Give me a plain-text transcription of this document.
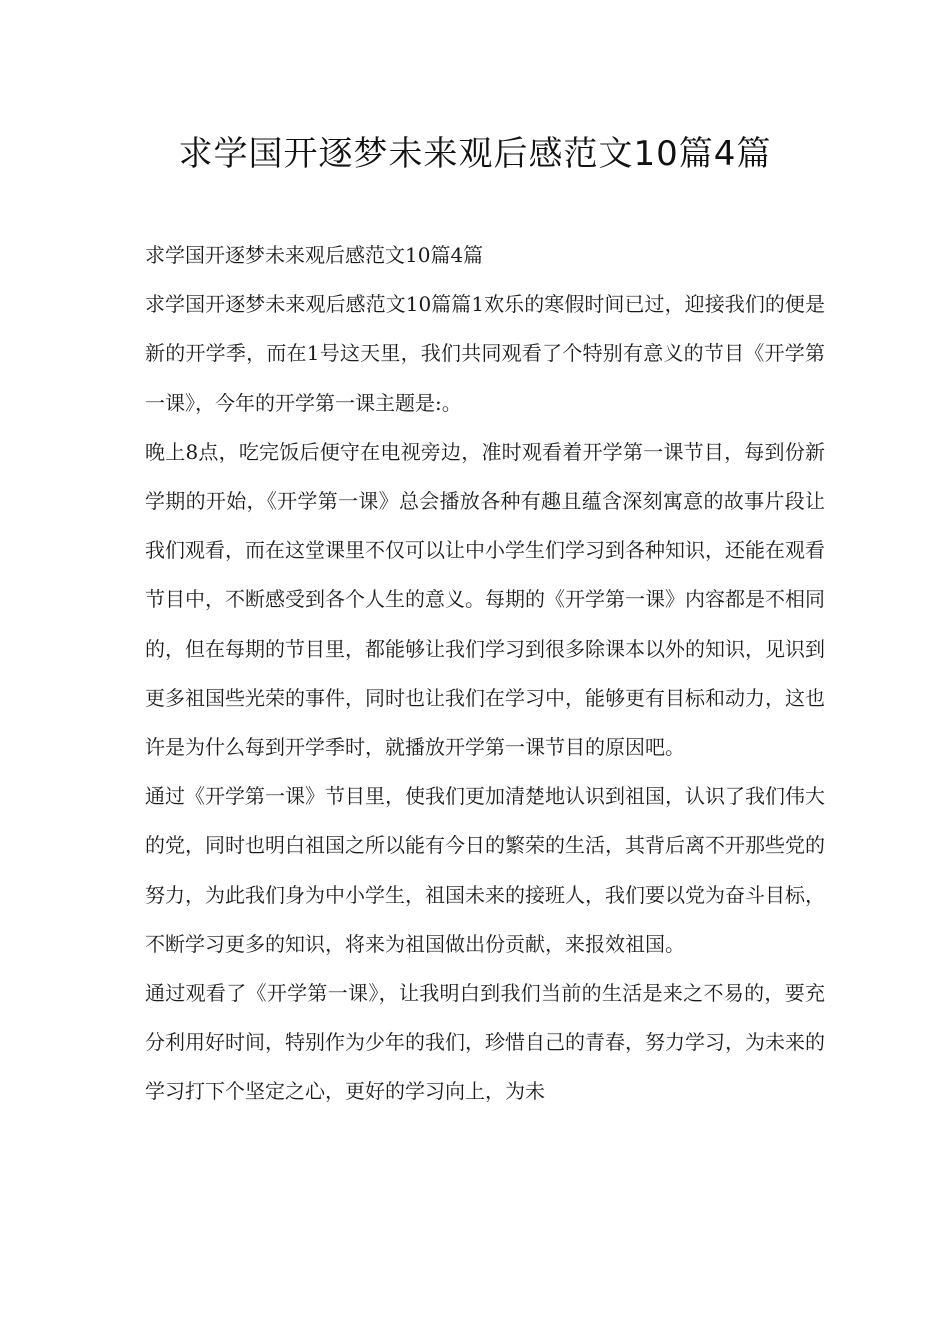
求学国开逐梦未来观后感范文10篇4篇

求学国开逐梦未来观后感范文10篇4篇

求学国开逐梦未来观后感范文10篇篇1欢乐的寒假时间已过，迎接我们的便是新的开学季，而在1号这天里，我们共同观看了个特别有意义的节目《开学第一课》，今年的开学第一课主题是:。

晚上8点，吃完饭后便守在电视旁边，准时观看着开学第一课节目，每到份新学期的开始，《开学第一课》总会播放各种有趣且蕴含深刻寓意的故事片段让我们观看，而在这堂课里不仅可以让中小学生们学习到各种知识，还能在观看节目中，不断感受到各个人生的意义。每期的《开学第一课》内容都是不相同的，但在每期的节目里，都能够让我们学习到很多除课本以外的知识，见识到更多祖国些光荣的事件，同时也让我们在学习中，能够更有目标和动力，这也许是为什么每到开学季时，就播放开学第一课节目的原因吧。

通过《开学第一课》节目里，使我们更加清楚地认识到祖国，认识了我们伟大的党，同时也明白祖国之所以能有今日的繁荣的生活，其背后离不开那些党的努力，为此我们身为中小学生，祖国未来的接班人，我们要以党为奋斗目标，不断学习更多的知识，将来为祖国做出份贡献，来报效祖国。

通过观看了《开学第一课》，让我明白到我们当前的生活是来之不易的，要充分利用好时间，特别作为少年的我们，珍惜自己的青春，努力学习，为未来的学习打下个坚定之心，更好的学习向上，为未
